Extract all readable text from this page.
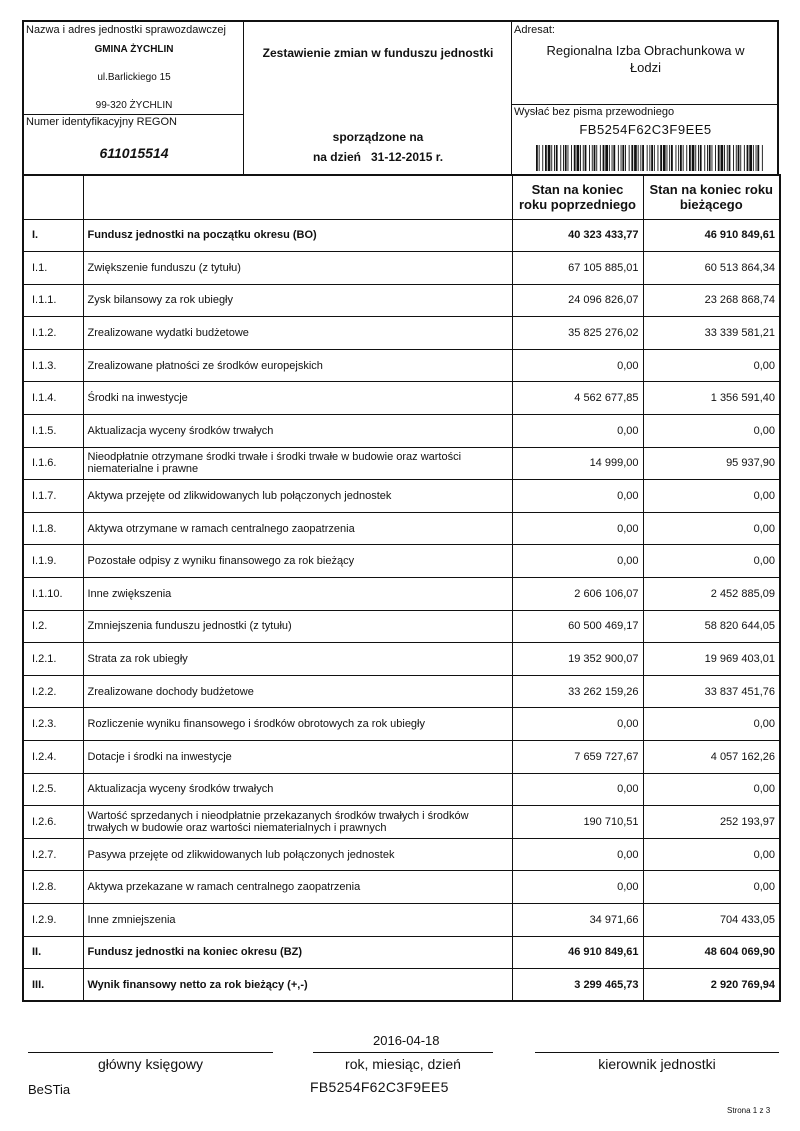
Nazwa i adres jednostki sprawozdawczej
GMINA ŻYCHLIN
ul.Barlickiego 15
99-320 ŻYCHLIN
Numer identyfikacyjny REGON
611015514
Zestawienie zmian w funduszu jednostki
sporządzone na
na dzień 31-12-2015 r.
Adresat:
Regionalna Izba Obrachunkowa w
Łodzi
Wysłać bez pisma przewodniego
FB5254F62C3F9EE5
		Stan na koniec roku poprzedniego	Stan na koniec roku bieżącego
I.	Fundusz jednostki na początku okresu (BO)	40 323 433,77	46 910 849,61
I.1.	Zwiększenie funduszu (z tytułu)	67 105 885,01	60 513 864,34
I.1.1.	Zysk bilansowy za rok ubiegły	24 096 826,07	23 268 868,74
I.1.2.	Zrealizowane wydatki budżetowe	35 825 276,02	33 339 581,21
I.1.3.	Zrealizowane płatności ze środków europejskich	0,00	0,00
I.1.4.	Środki na inwestycje	4 562 677,85	1 356 591,40
I.1.5.	Aktualizacja wyceny środków trwałych	0,00	0,00
I.1.6.	Nieodpłatnie otrzymane środki trwałe i środki trwałe w budowie oraz wartości niematerialne i prawne	14 999,00	95 937,90
I.1.7.	Aktywa przejęte od zlikwidowanych lub połączonych jednostek	0,00	0,00
I.1.8.	Aktywa otrzymane w ramach centralnego zaopatrzenia	0,00	0,00
I.1.9.	Pozostałe odpisy z wyniku finansowego za rok bieżący	0,00	0,00
I.1.10.	Inne zwiększenia	2 606 106,07	2 452 885,09
I.2.	Zmniejszenia funduszu jednostki (z tytułu)	60 500 469,17	58 820 644,05
I.2.1.	Strata za rok ubiegły	19 352 900,07	19 969 403,01
I.2.2.	Zrealizowane dochody budżetowe	33 262 159,26	33 837 451,76
I.2.3.	Rozliczenie wyniku finansowego i środków obrotowych za rok ubiegły	0,00	0,00
I.2.4.	Dotacje i środki na inwestycje	7 659 727,67	4 057 162,26
I.2.5.	Aktualizacja wyceny środków trwałych	0,00	0,00
I.2.6.	Wartość sprzedanych i nieodpłatnie przekazanych środków trwałych i środków trwałych w budowie oraz wartości niematerialnych i prawnych	190 710,51	252 193,97
I.2.7.	Pasywa przejęte od zlikwidowanych lub połączonych jednostek	0,00	0,00
I.2.8.	Aktywa przekazane w ramach centralnego zaopatrzenia	0,00	0,00
I.2.9.	Inne zmniejszenia	34 971,66	704 433,05
II.	Fundusz jednostki na koniec okresu (BZ)	46 910 849,61	48 604 069,90
III.	Wynik finansowy netto za rok bieżący (+,-)	3 299 465,73	2 920 769,94
2016-04-18
główny księgowy	rok, miesiąc, dzień	kierownik jednostki
BeSTia	FB5254F62C3F9EE5
Strona 1 z 3
